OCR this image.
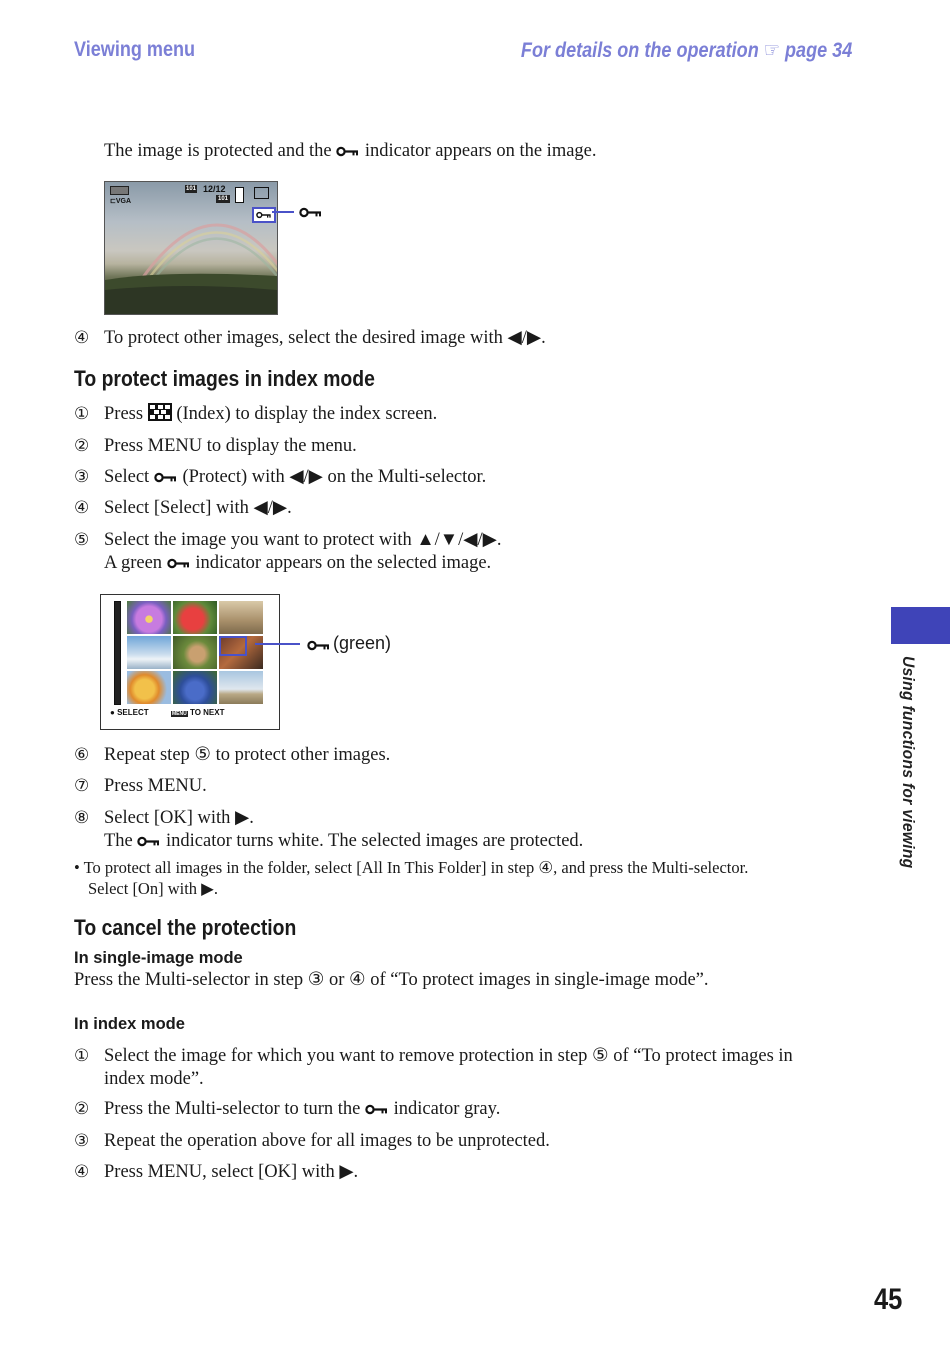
Viewing menu	For details on the operation ☞ page 34
The image is protected and the indicator appears on the image.
⊏VGA
101 12/12
101
④ To protect other images, select the desired image with ◀/▶.
To protect images in index mode
① Press (Index) to display the index screen.
② Press MENU to display the menu.
③ Select (Protect) with ◀/▶ on the Multi-selector.
④ Select [Select] with ◀/▶.
⑤ Select the image you want to protect with ▲/▼/◀/▶.
A green indicator appears on the selected image.
● SELECT	MENU TO NEXT
(green)
⑥ Repeat step ⑤ to protect other images.
⑦ Press MENU.
⑧ Select [OK] with ▶.
The indicator turns white. The selected images are protected.
• To protect all images in the folder, select [All In This Folder] in step ④, and press the Multi-selector.
Select [On] with ▶.
To cancel the protection
In single-image mode
Press the Multi-selector in step ③ or ④ of “To protect images in single-image mode”.
In index mode
① Select the image for which you want to remove protection in step ⑤ of “To protect images in
index mode”.
② Press the Multi-selector to turn the indicator gray.
③ Repeat the operation above for all images to be unprotected.
④ Press MENU, select [OK] with ▶.
Using functions for viewing
45
